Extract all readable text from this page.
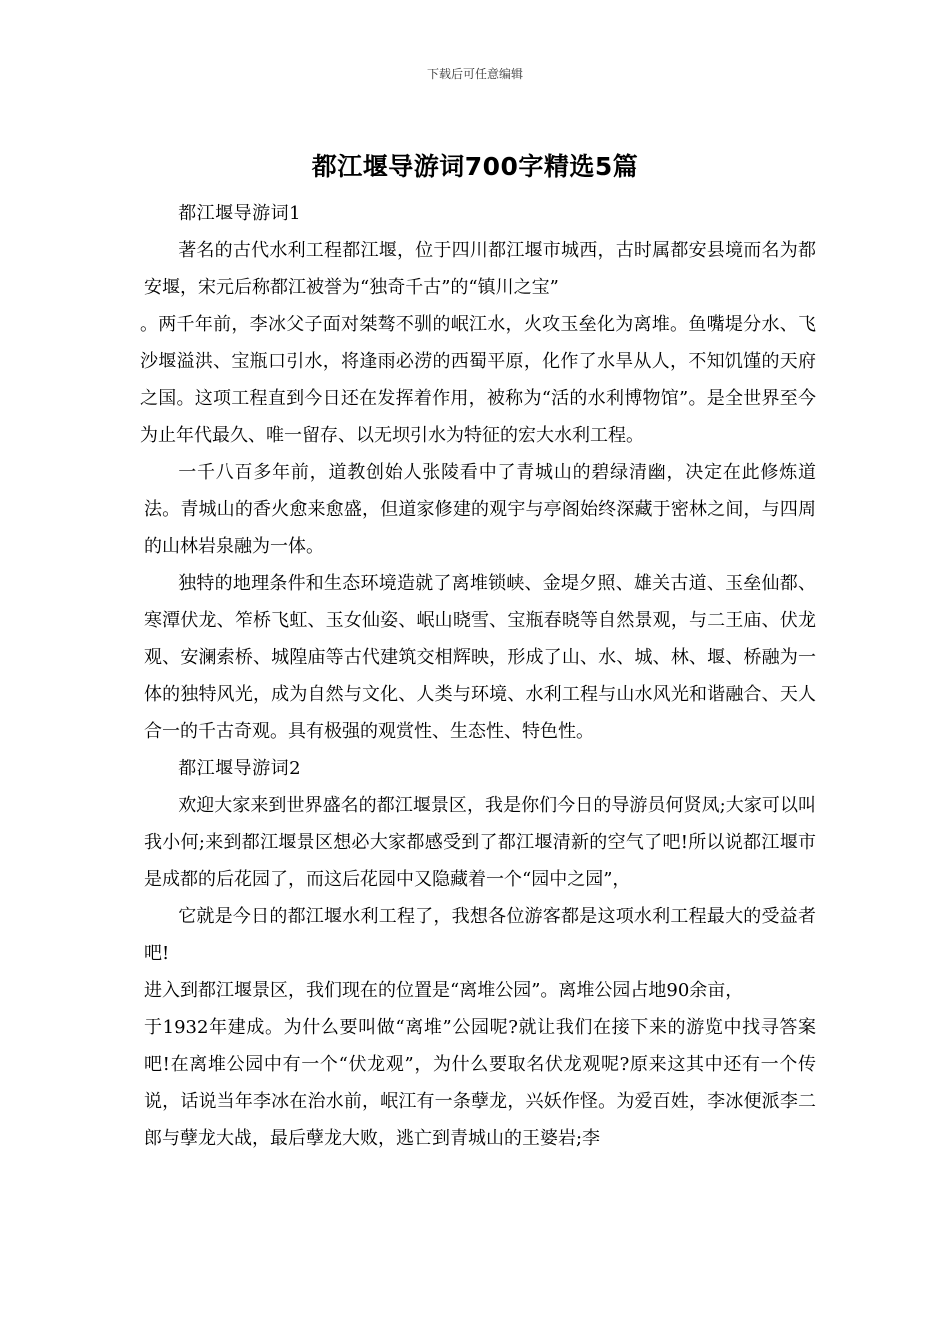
下载后可任意编辑
都江堰导游词700字精选5篇

都江堰导游词1

著名的古代水利工程都江堰，位于四川都江堰市城西，古时属都安县境而名为都安堰，宋元后称都江被誉为“独奇千古”的“镇川之宝”

。两千年前，李冰父子面对桀骜不驯的岷江水，火攻玉垒化为离堆。鱼嘴堤分水、飞沙堰溢洪、宝瓶口引水，将逢雨必涝的西蜀平原，化作了水旱从人，不知饥馑的天府之国。这项工程直到今日还在发挥着作用，被称为“活的水利博物馆”。是全世界至今为止年代最久、唯一留存、以无坝引水为特征的宏大水利工程。

一千八百多年前，道教创始人张陵看中了青城山的碧绿清幽，决定在此修炼道法。青城山的香火愈来愈盛，但道家修建的观宇与亭阁始终深藏于密林之间，与四周的山林岩泉融为一体。

独特的地理条件和生态环境造就了离堆锁峡、金堤夕照、雄关古道、玉垒仙都、寒潭伏龙、笮桥飞虹、玉女仙姿、岷山晓雪、宝瓶春晓等自然景观，与二王庙、伏龙观、安澜索桥、城隍庙等古代建筑交相辉映，形成了山、水、城、林、堰、桥融为一体的独特风光，成为自然与文化、人类与环境、水利工程与山水风光和谐融合、天人合一的千古奇观。具有极强的观赏性、生态性、特色性。

都江堰导游词2

欢迎大家来到世界盛名的都江堰景区，我是你们今日的导游员何贤凤;大家可以叫我小何;来到都江堰景区想必大家都感受到了都江堰清新的空气了吧!所以说都江堰市是成都的后花园了，而这后花园中又隐藏着一个“园中之园”，

它就是今日的都江堰水利工程了，我想各位游客都是这项水利工程最大的受益者吧!

进入到都江堰景区，我们现在的位置是“离堆公园”。离堆公园占地90余亩，

于1932年建成。为什么要叫做“离堆”公园呢?就让我们在接下来的游览中找寻答案吧!在离堆公园中有一个“伏龙观”，为什么要取名伏龙观呢?原来这其中还有一个传说，话说当年李冰在治水前，岷江有一条孽龙，兴妖作怪。为爱百姓，李冰便派李二郎与孽龙大战，最后孽龙大败，逃亡到青城山的王婆岩;李
